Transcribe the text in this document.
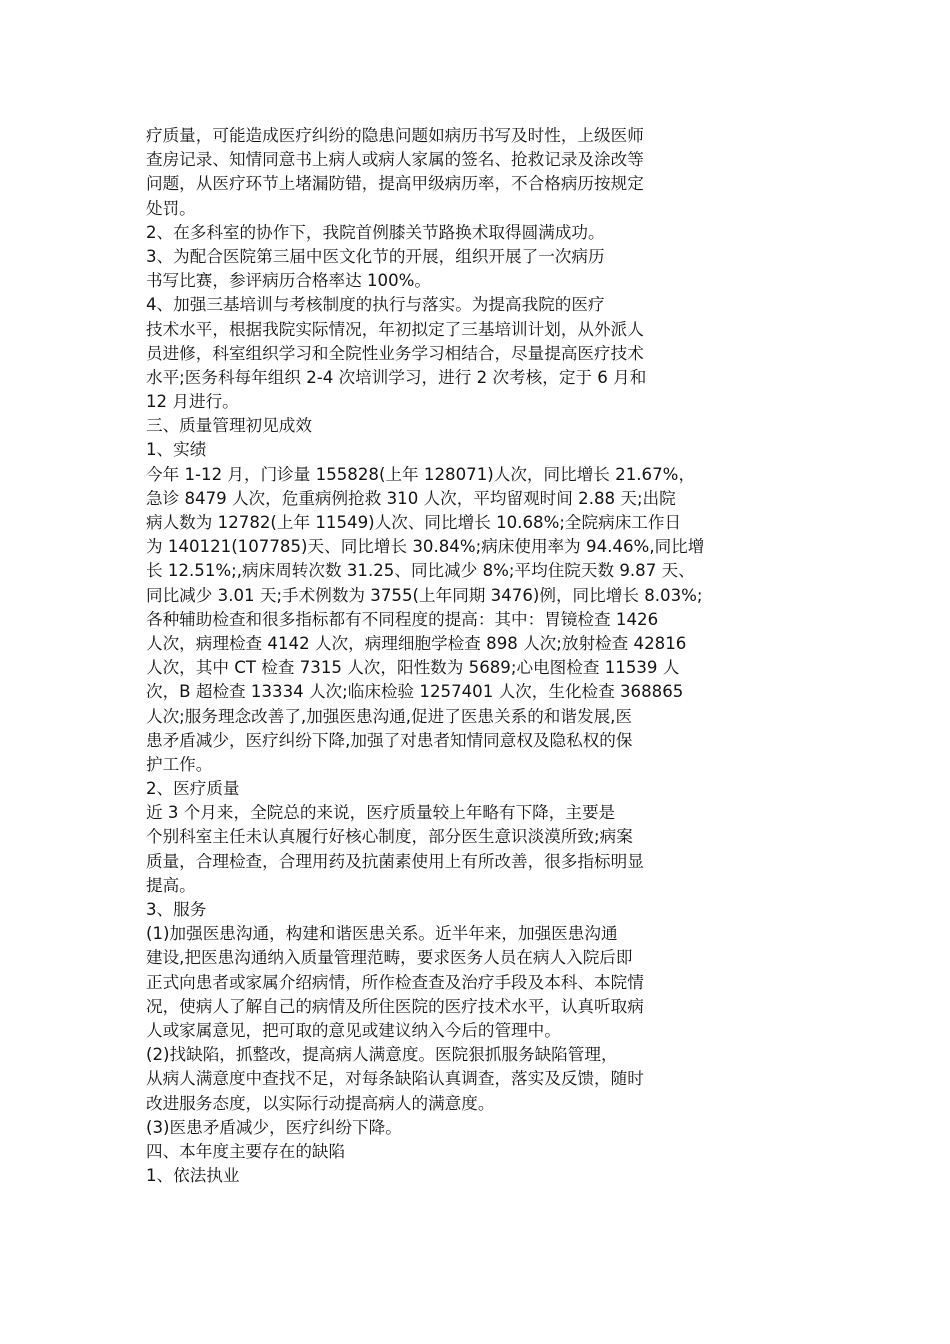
疗质量，可能造成医疗纠纷的隐患问题如病历书写及时性，上级医师
查房记录、知情同意书上病人或病人家属的签名、抢救记录及涂改等
问题，从医疗环节上堵漏防错，提高甲级病历率，不合格病历按规定
处罚。
2、在多科室的协作下，我院首例膝关节路换术取得圆满成功。
3、为配合医院第三届中医文化节的开展，组织开展了一次病历
书写比赛，参评病历合格率达 100%。
4、加强三基培训与考核制度的执行与落实。为提高我院的医疗
技术水平，根据我院实际情况，年初拟定了三基培训计划，从外派人
员进修，科室组织学习和全院性业务学习相结合，尽量提高医疗技术
水平;医务科每年组织 2-4 次培训学习，进行 2 次考核，定于 6 月和
12 月进行。
三、质量管理初见成效
1、实绩
今年 1-12 月，门诊量 155828(上年 128071)人次，同比增长 21.67%，
急诊 8479 人次，危重病例抢救 310 人次，平均留观时间 2.88 天;出院
病人数为 12782(上年 11549)人次、同比增长 10.68%;全院病床工作日
为 140121(107785)天、同比增长 30.84%;病床使用率为 94.46%,同比增
长 12.51%;,病床周转次数 31.25、同比减少 8%;平均住院天数 9.87 天、
同比减少 3.01 天;手术例数为 3755(上年同期 3476)例，同比增长 8.03%;
各种辅助检查和很多指标都有不同程度的提高：其中：胃镜检查 1426
人次，病理检查 4142 人次，病理细胞学检查 898 人次;放射检查 42816
人次，其中 CT 检查 7315 人次，阳性数为 5689;心电图检查 11539 人
次，B 超检查 13334 人次;临床检验 1257401 人次，生化检查 368865
人次;服务理念改善了,加强医患沟通,促进了医患关系的和谐发展,医
患矛盾减少，医疗纠纷下降,加强了对患者知情同意权及隐私权的保
护工作。
2、医疗质量
近 3 个月来，全院总的来说，医疗质量较上年略有下降，主要是
个别科室主任未认真履行好核心制度，部分医生意识淡漠所致;病案
质量，合理检查，合理用药及抗菌素使用上有所改善，很多指标明显
提高。
3、服务
(1)加强医患沟通，构建和谐医患关系。近半年来，加强医患沟通
建设,把医患沟通纳入质量管理范畴，要求医务人员在病人入院后即
正式向患者或家属介绍病情，所作检查查及治疗手段及本科、本院情
况，使病人了解自己的病情及所住医院的医疗技术水平，认真听取病
人或家属意见，把可取的意见或建议纳入今后的管理中。
(2)找缺陷，抓整改，提高病人满意度。医院狠抓服务缺陷管理，
从病人满意度中查找不足，对每条缺陷认真调查，落实及反馈，随时
改进服务态度，以实际行动提高病人的满意度。
(3)医患矛盾减少，医疗纠纷下降。
四、本年度主要存在的缺陷
1、依法执业
